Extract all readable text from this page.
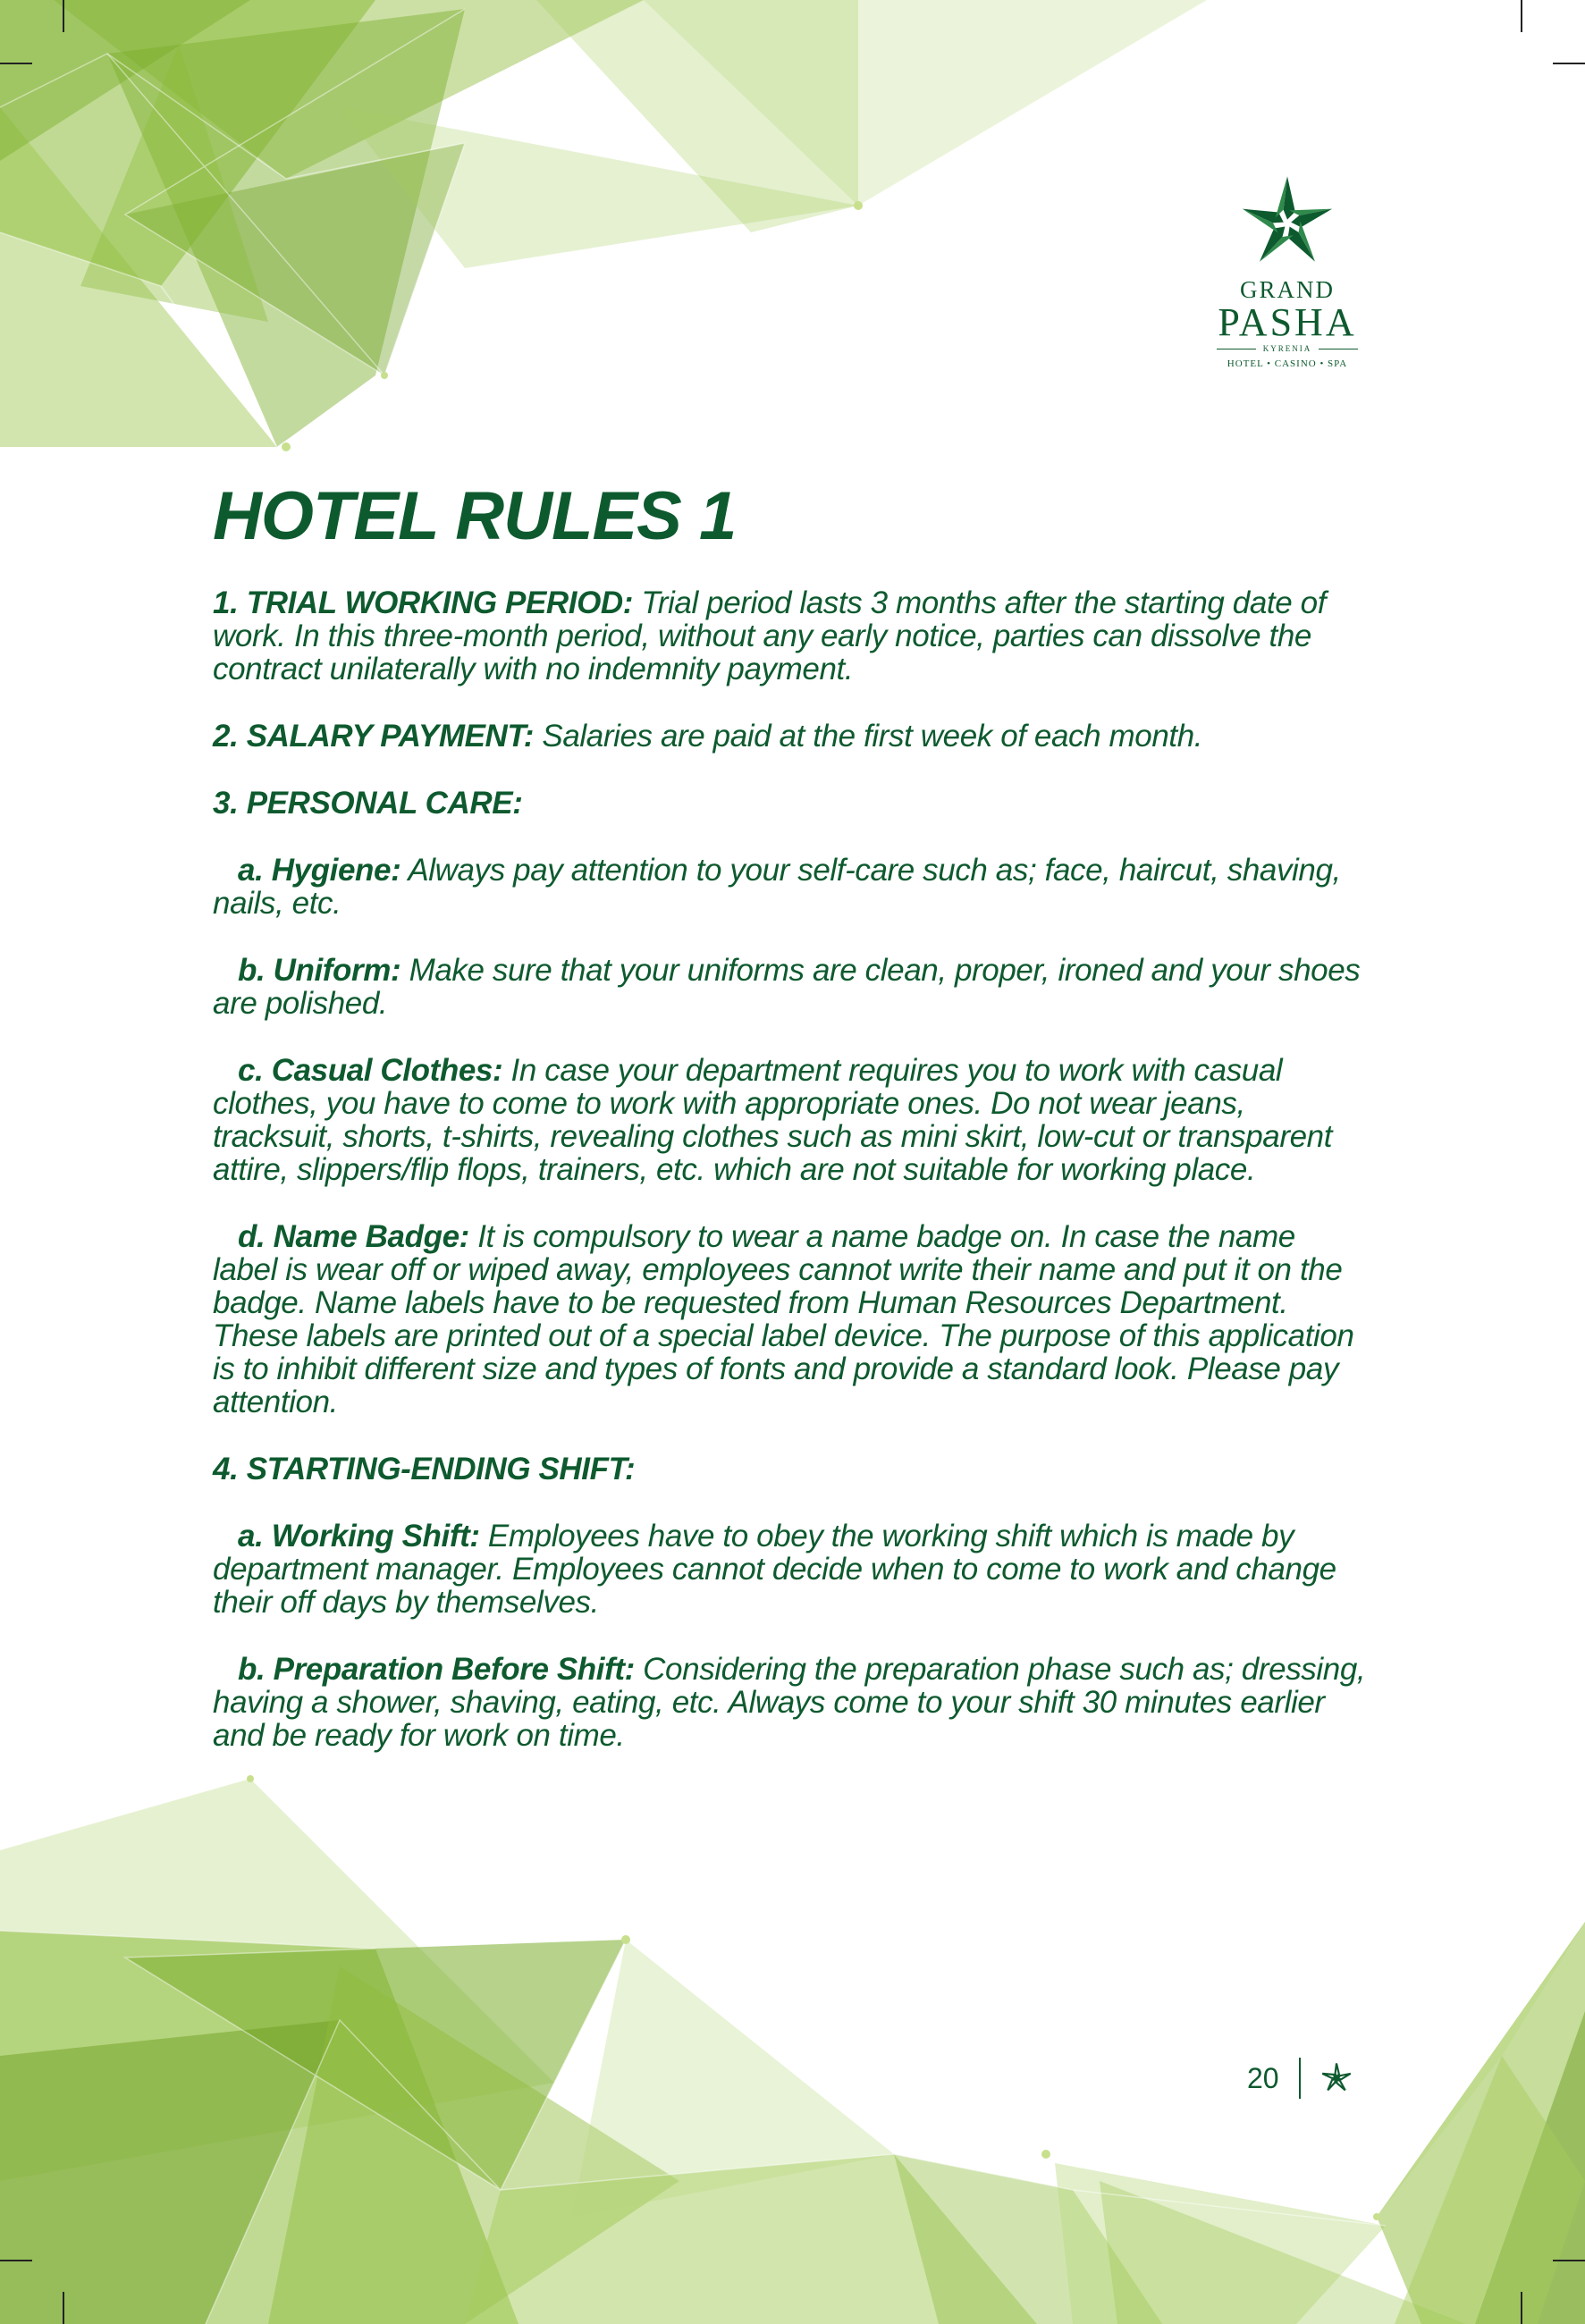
GRAND
PASHA
KYRENIA
HOTEL • CASINO • SPA
HOTEL RULES 1

1. TRIAL WORKING PERIOD: Trial period lasts 3 months after the starting date of work. In this three-month period, without any early notice, parties can dissolve the contract unilaterally with no indemnity payment.

2. SALARY PAYMENT: Salaries are paid at the first week of each month.

3. PERSONAL CARE:

a. Hygiene: Always pay attention to your self-care such as; face, haircut, shaving, nails, etc.

b. Uniform: Make sure that your uniforms are clean, proper, ironed and your shoes are polished.

c. Casual Clothes: In case your department requires you to work with casual clothes, you have to come to work with appropriate ones. Do not wear jeans, tracksuit, shorts, t-shirts, revealing clothes such as mini skirt, low-cut or transparent attire, slippers/flip flops, trainers, etc. which are not suitable for working place.

d. Name Badge: It is compulsory to wear a name badge on. In case the name label is wear off or wiped away, employees cannot write their name and put it on the badge. Name labels have to be requested from Human Resources Department. These labels are printed out of a special label device. The purpose of this application is to inhibit different size and types of fonts and provide a standard look. Please pay attention.

4. STARTING-ENDING SHIFT:

a. Working Shift: Employees have to obey the working shift which is made by department manager. Employees cannot decide when to come to work and change their off days by themselves.

b. Preparation Before Shift: Considering the preparation phase such as; dressing, having a shower, shaving, eating, etc. Always come to your shift 30 minutes earlier and be ready for work on time.

20
